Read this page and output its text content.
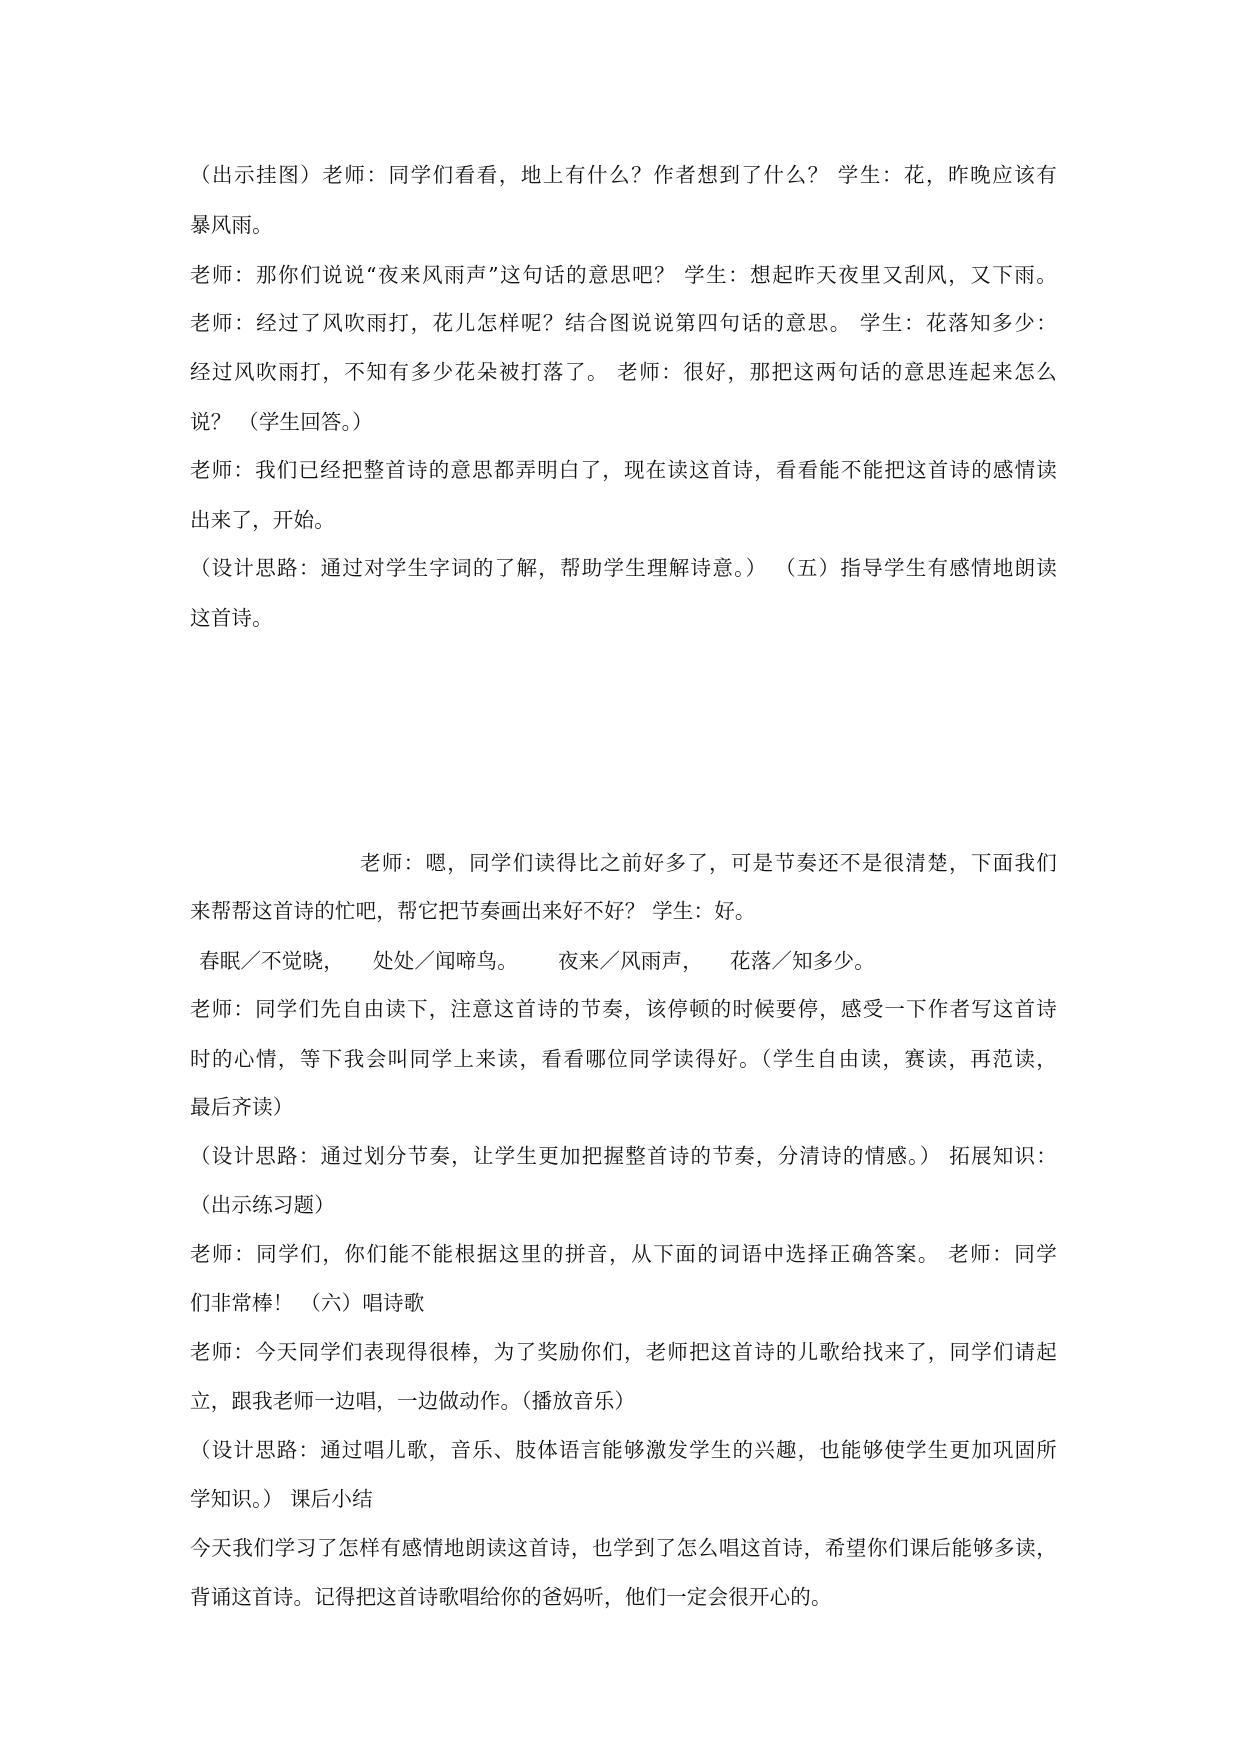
（出示挂图）老师：同学们看看，地上有什么？作者想到了什么？ 学生：花，昨晚应该有
暴风雨。
老师：那你们说说“夜来风雨声”这句话的意思吧？ 学生：想起昨天夜里又刮风，又下雨。
老师：经过了风吹雨打，花儿怎样呢？结合图说说第四句话的意思。 学生：花落知多少：
经过风吹雨打，不知有多少花朵被打落了。 老师：很好，那把这两句话的意思连起来怎么
说？ （学生回答。）
老师：我们已经把整首诗的意思都弄明白了，现在读这首诗，看看能不能把这首诗的感情读
出来了，开始。
（设计思路：通过对学生字词的了解，帮助学生理解诗意。） （五）指导学生有感情地朗读
这首诗。
老师：嗯，同学们读得比之前好多了，可是节奏还不是很清楚，下面我们
来帮帮这首诗的忙吧，帮它把节奏画出来好不好？ 学生：好。
春眠／不觉晓， 处处／闻啼鸟。 夜来／风雨声， 花落／知多少。
老师：同学们先自由读下，注意这首诗的节奏，该停顿的时候要停，感受一下作者写这首诗
时的心情，等下我会叫同学上来读，看看哪位同学读得好。（学生自由读，赛读，再范读，
最后齐读）
（设计思路：通过划分节奏，让学生更加把握整首诗的节奏，分清诗的情感。） 拓展知识：
（出示练习题）
老师：同学们，你们能不能根据这里的拼音，从下面的词语中选择正确答案。 老师：同学
们非常棒！ （六）唱诗歌
老师：今天同学们表现得很棒，为了奖励你们，老师把这首诗的儿歌给找来了，同学们请起
立，跟我老师一边唱，一边做动作。（播放音乐）
（设计思路：通过唱儿歌，音乐、肢体语言能够激发学生的兴趣，也能够使学生更加巩固所
学知识。） 课后小结
今天我们学习了怎样有感情地朗读这首诗，也学到了怎么唱这首诗，希望你们课后能够多读，
背诵这首诗。记得把这首诗歌唱给你的爸妈听，他们一定会很开心的。
